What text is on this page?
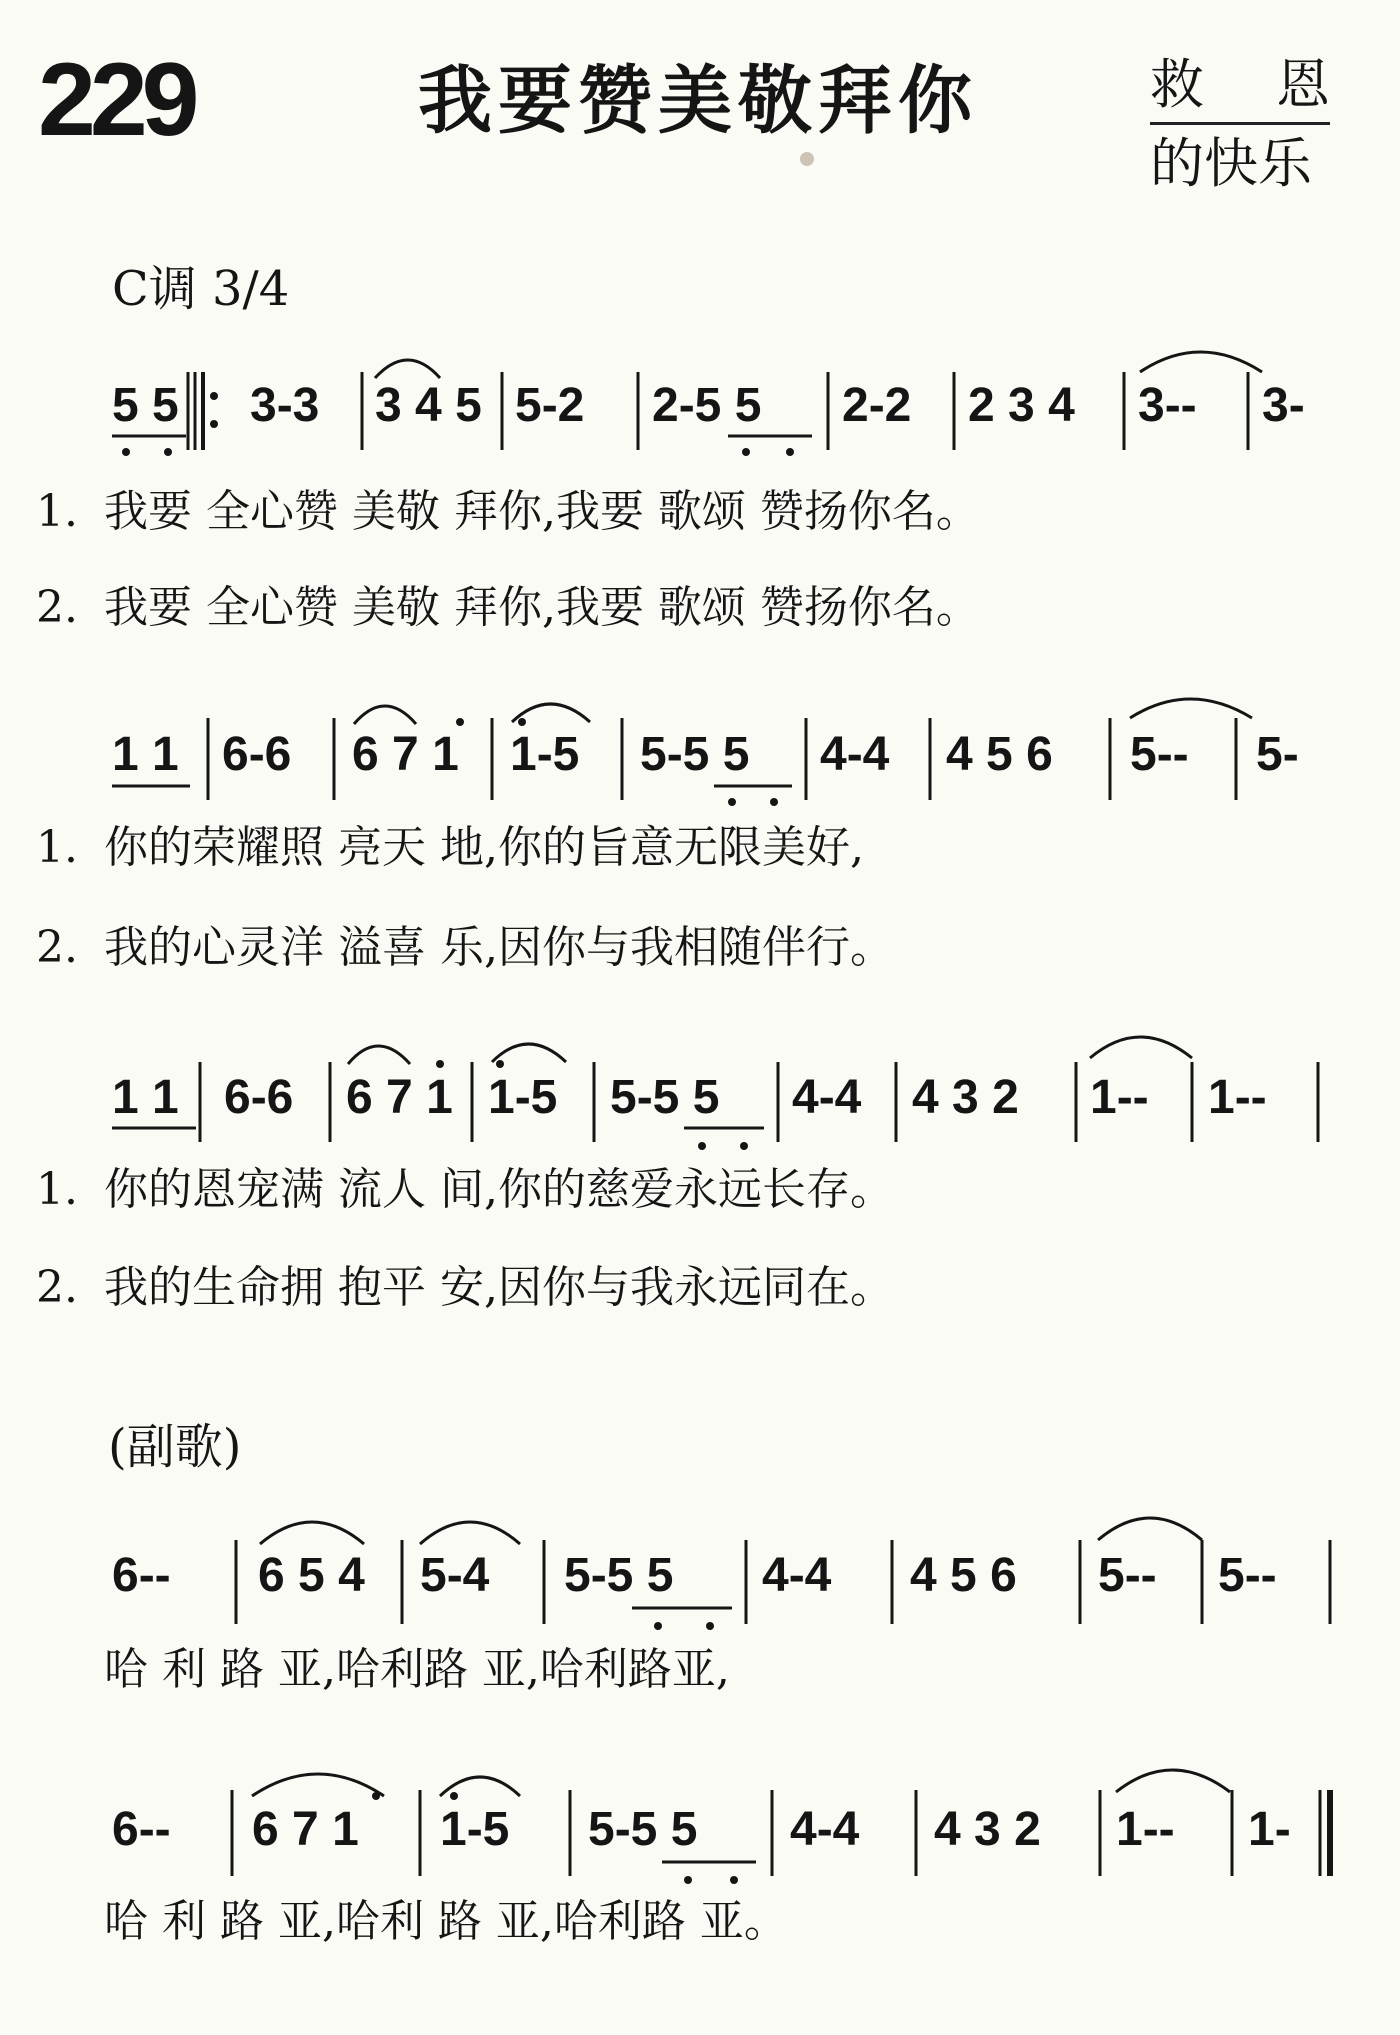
229	我要赞美敬拜你	救 恩
的快乐
C调 3/4
5 5 3-3 3 4 5 5-2 2-5 5 2-2 2 3 4 3-- 3-

1.

我要 全心赞 美敬 拜你,我要 歌颂 赞扬你名。

2.

我要 全心赞 美敬 拜你,我要 歌颂 赞扬你名。

1 1 6-6 6 7 1 1-5 5-5 5 4-4 4 5 6 5-- 5-

1.

你的荣耀照 亮天 地,你的旨意无限美好,

2.

我的心灵洋 溢喜 乐,因你与我相随伴行。

1 1 6-6 6 7 1 1-5 5-5 5 4-4 4 3 2 1-- 1--

1.

你的恩宠满 流人 间,你的慈爱永远长存。

2.

我的生命拥 抱平 安,因你与我永远同在。

(副歌)
6-- 6 5 4 5-4 5-5 5 4-4 4 5 6 5-- 5--

哈 利 路 亚,哈利路 亚,哈利路亚,

6-- 6 7 1 1-5 5-5 5 4-4 4 3 2 1-- 1-

哈 利 路 亚,哈利 路 亚,哈利路 亚。
